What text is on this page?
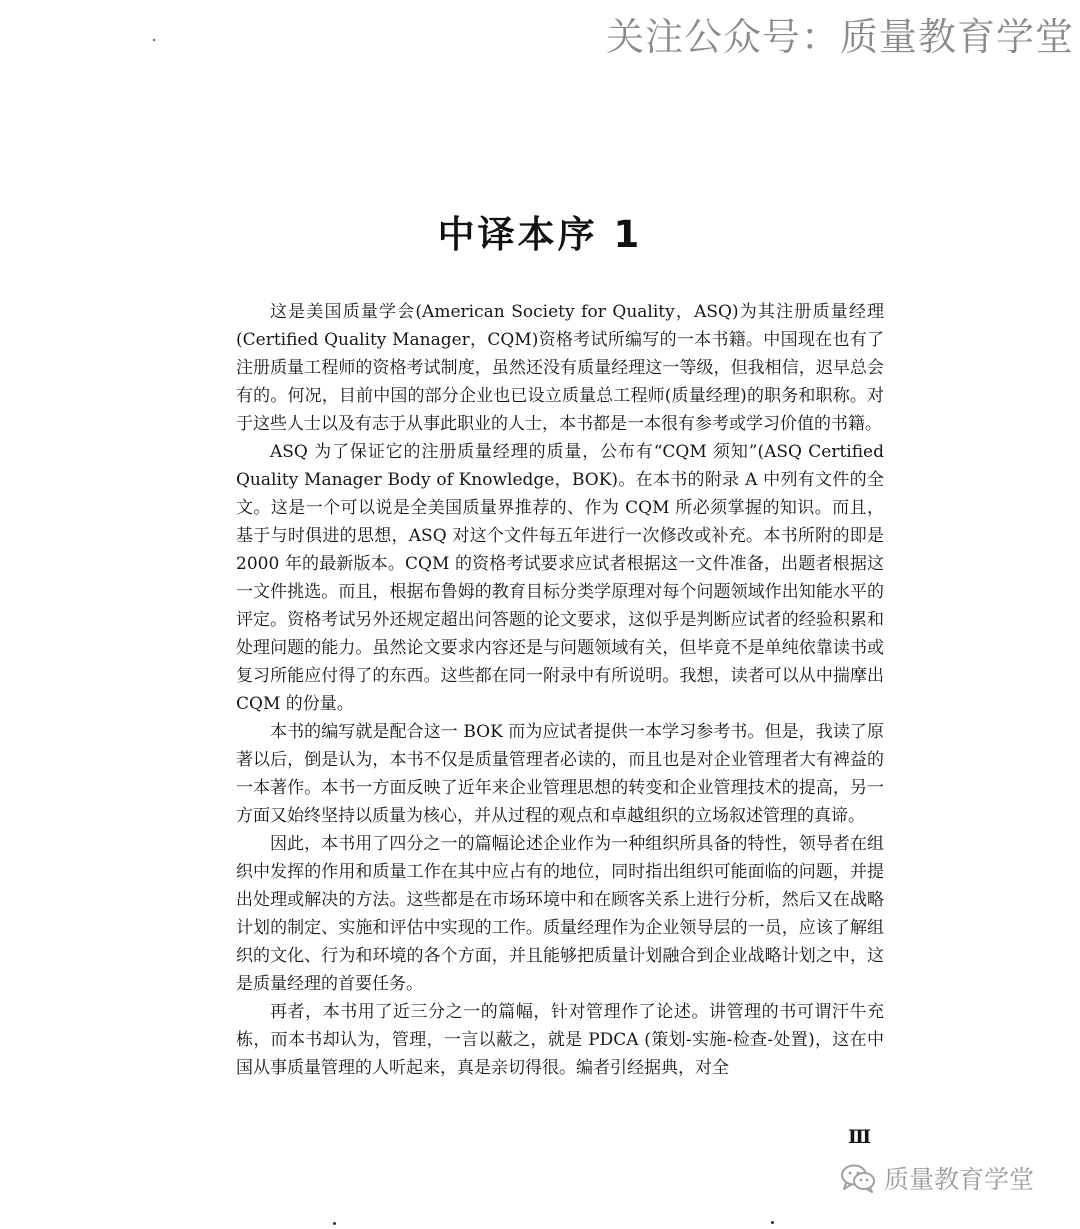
关注公众号：质量教育学堂
中译本序 1

这是美国质量学会(American Society for Quality，ASQ)为其注册质量经理(Certified Quality Manager，CQM)资格考试所编写的一本书籍。中国现在也有了注册质量工程师的资格考试制度，虽然还没有质量经理这一等级，但我相信，迟早总会有的。何况，目前中国的部分企业也已设立质量总工程师(质量经理)的职务和职称。对于这些人士以及有志于从事此职业的人士，本书都是一本很有参考或学习价值的书籍。

ASQ 为了保证它的注册质量经理的质量，公布有“CQM 须知”(ASQ Certified Quality Manager Body of Knowledge，BOK)。在本书的附录 A 中列有文件的全文。这是一个可以说是全美国质量界推荐的、作为 CQM 所必须掌握的知识。而且，基于与时俱进的思想，ASQ 对这个文件每五年进行一次修改或补充。本书所附的即是 2000 年的最新版本。CQM 的资格考试要求应试者根据这一文件准备，出题者根据这一文件挑选。而且，根据布鲁姆的教育目标分类学原理对每个问题领域作出知能水平的评定。资格考试另外还规定超出问答题的论文要求，这似乎是判断应试者的经验积累和处理问题的能力。虽然论文要求内容还是与问题领域有关，但毕竟不是单纯依靠读书或复习所能应付得了的东西。这些都在同一附录中有所说明。我想，读者可以从中揣摩出 CQM 的份量。

本书的编写就是配合这一 BOK 而为应试者提供一本学习参考书。但是，我读了原著以后，倒是认为，本书不仅是质量管理者必读的，而且也是对企业管理者大有裨益的一本著作。本书一方面反映了近年来企业管理思想的转变和企业管理技术的提高，另一方面又始终坚持以质量为核心，并从过程的观点和卓越组织的立场叙述管理的真谛。

因此，本书用了四分之一的篇幅论述企业作为一种组织所具备的特性，领导者在组织中发挥的作用和质量工作在其中应占有的地位，同时指出组织可能面临的问题，并提出处理或解决的方法。这些都是在市场环境中和在顾客关系上进行分析，然后又在战略计划的制定、实施和评估中实现的工作。质量经理作为企业领导层的一员，应该了解组织的文化、行为和环境的各个方面，并且能够把质量计划融合到企业战略计划之中，这是质量经理的首要任务。

再者，本书用了近三分之一的篇幅，针对管理作了论述。讲管理的书可谓汗牛充栋，而本书却认为，管理，一言以蔽之，就是 PDCA (策划-实施-检查-处置)，这在中国从事质量管理的人听起来，真是亲切得很。编者引经据典，对全

Ⅲ
质量教育学堂
